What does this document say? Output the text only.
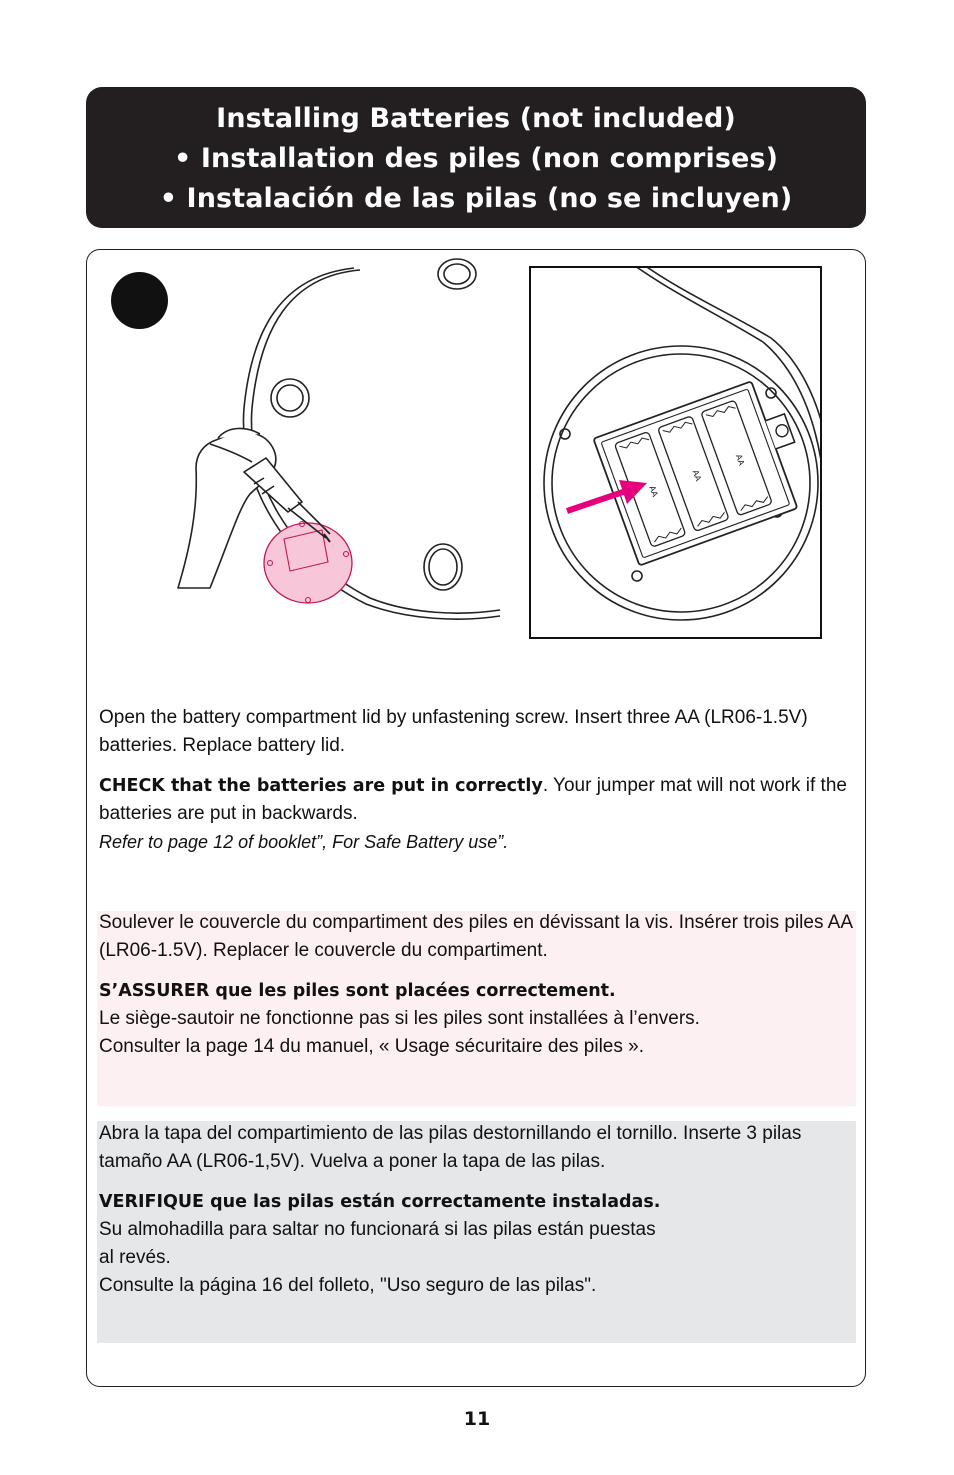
Installing Batteries (not included)
• Installation des piles (non comprises)
• Instalación de las pilas (no se incluyen)
AA
AA
AA

Open the battery compartment lid by unfastening screw. Insert three AA (LR06-1.5V) batteries. Replace battery lid.

CHECK that the batteries are put in correctly. Your jumper mat will not work if the batteries are put in backwards.

Refer to page 12 of booklet”, For Safe Battery use”.

Soulever le couvercle du compartiment des piles en dévissant la vis. Insérer trois piles AA (LR06-1.5V). Replacer le couvercle du compartiment.

S’ASSURER que les piles sont placées correctement.

Le siège-sautoir ne fonctionne pas si les piles sont installées à l’envers.

Consulter la page 14 du manuel, « Usage sécuritaire des piles ».

Abra la tapa del compartimiento de las pilas destornillando el tornillo. Inserte 3 pilas tamaño AA (LR06-1,5V). Vuelva a poner la tapa de las pilas.

VERIFIQUE que las pilas están correctamente instaladas.

Su almohadilla para saltar no funcionará si las pilas están puestas

al revés.

Consulte la página 16 del folleto, "Uso seguro de las pilas".

11
